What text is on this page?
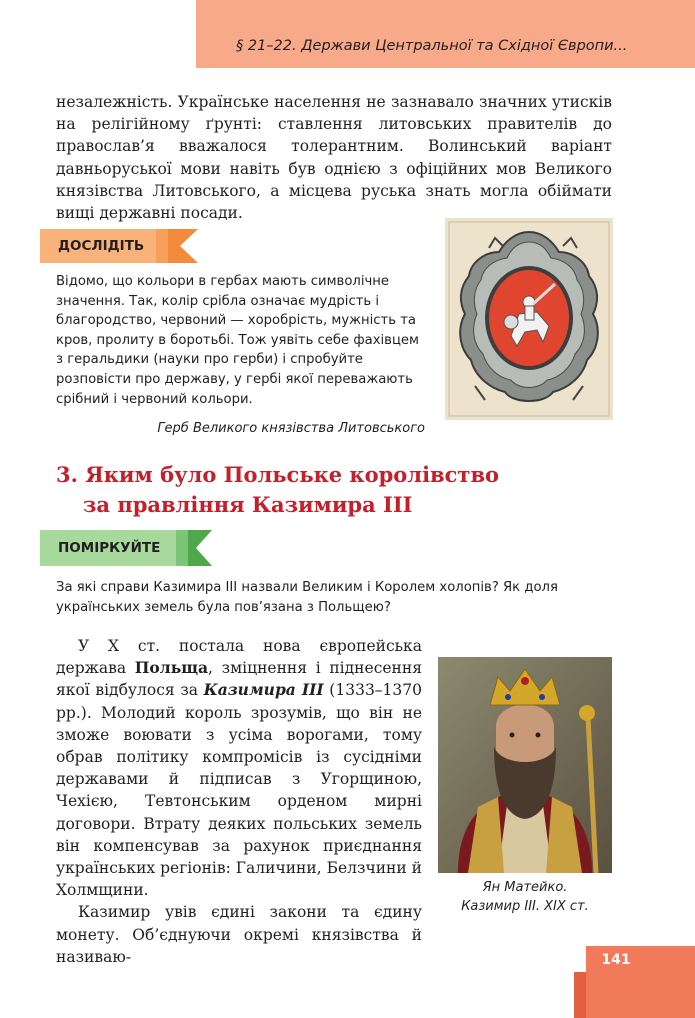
§ 21–22. Держави Центральної та Східної Європи...
незалежність. Українське населення не зазнавало значних утисків на релігійному ґрунті: ставлення литовських правителів до православ’я вважалося толерантним. Волинський варіант давньоруської мови навіть був однією з офіційних мов Великого князівства Литовського, а місцева руська знать могла обіймати вищі державні посади.
ДОСЛІДІТЬ
Відомо, що кольори в гербах мають символічне значення. Так, колір срібла означає мудрість і благородство, червоний — хоробрість, мужність та кров, пролиту в боротьбі. Тож уявіть себе фахівцем з геральдики (науки про герби) і спробуйте розповісти про державу, у гербі якої переважають срібний і червоний кольори.
Герб Великого князівства Литовського
3. Яким було Польське королівство
за правління Казимира III
ПОМІРКУЙТЕ
За які справи Казимира III назвали Великим і Королем холопів? Як доля українських земель була пов’язана з Польщею?
У Х ст. постала нова європейська держава Польща, зміцнення і піднесення якої відбулося за Казимира III (1333–1370 рр.). Молодий король зрозумів, що він не зможе воювати з усіма ворогами, тому обрав політику компромісів із сусідніми державами й підписав з Угорщиною, Чехією, Тевтонським орденом мирні договори. Втрату деяких польських земель він компенсував за рахунок приєднання українських регіонів: Галичини, Белзчини й Холмщини.
Казимир увів єдині закони та єдину монету. Об’єднуючи окремі князівства й називаю-
Ян Матейко.
Казимир III. XIX ст.
141
